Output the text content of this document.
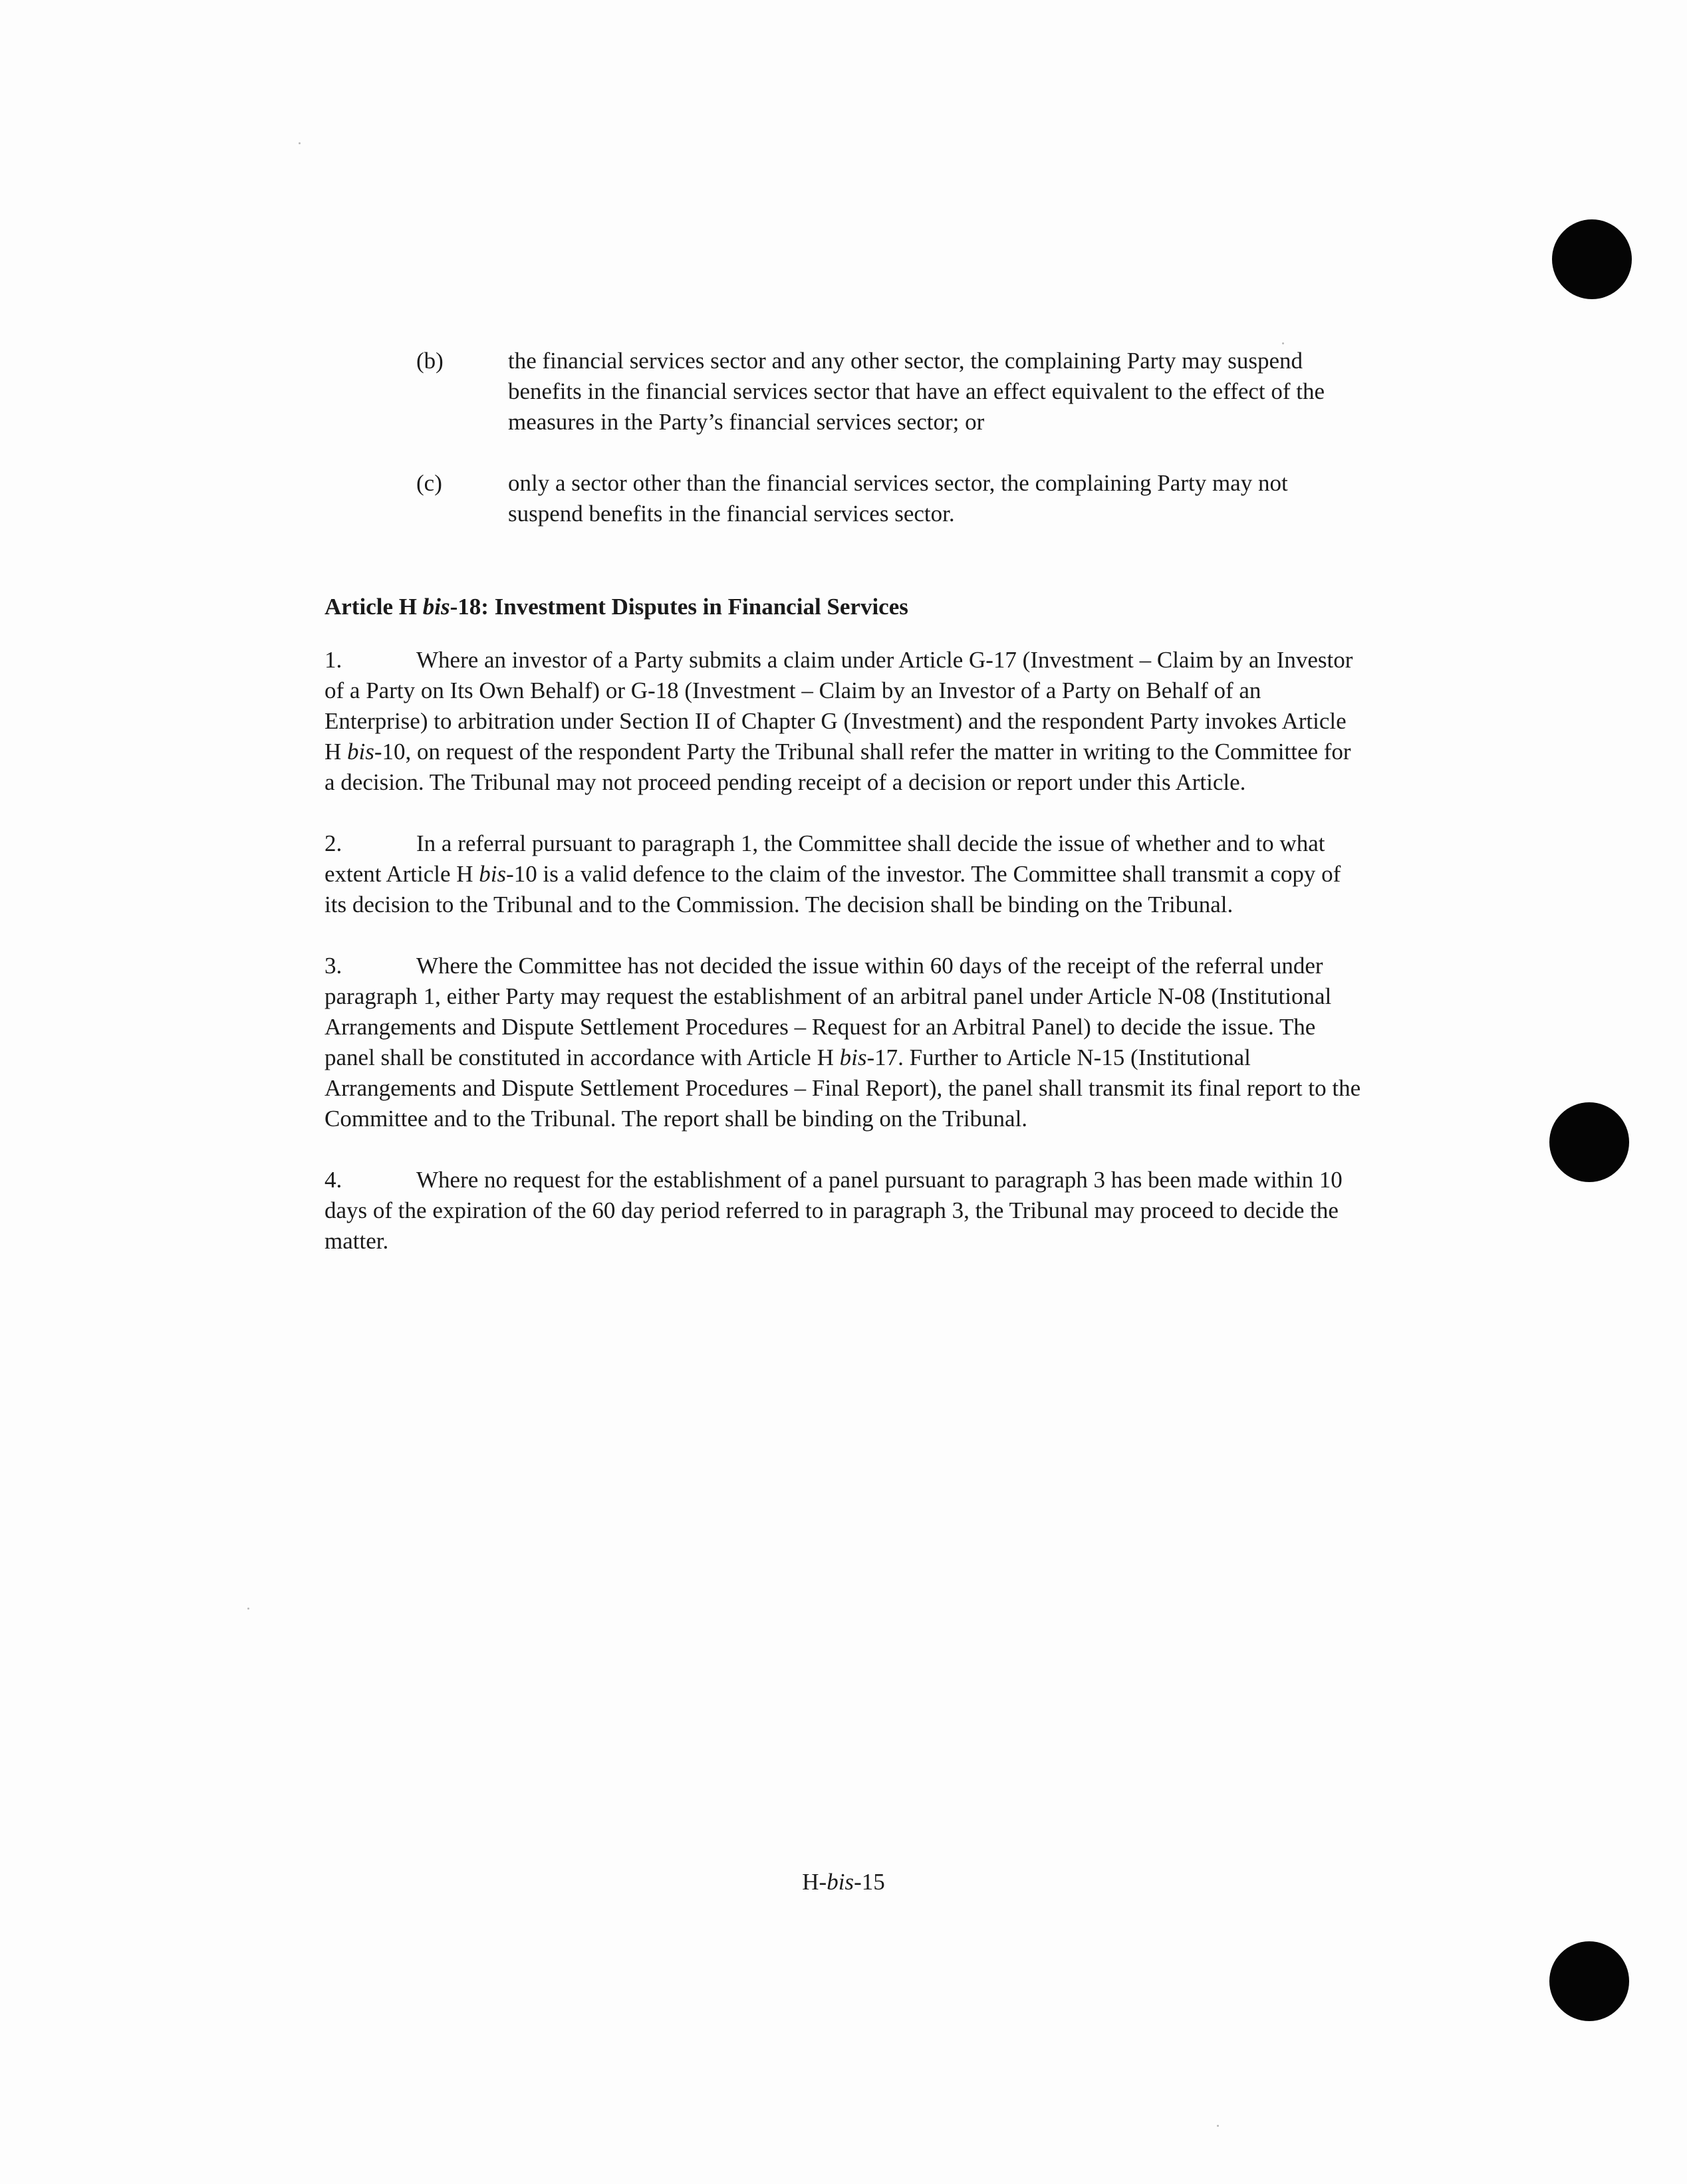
(b)	the financial services sector and any other sector, the complaining Party may suspend benefits in the financial services sector that have an effect equivalent to the effect of the measures in the Party’s financial services sector; or
(c)	only a sector other than the financial services sector, the complaining Party may not suspend benefits in the financial services sector.
Article H bis-18: Investment Disputes in Financial Services
1.	Where an investor of a Party submits a claim under Article G-17 (Investment – Claim by an Investor of a Party on Its Own Behalf) or G-18 (Investment – Claim by an Investor of a Party on Behalf of an Enterprise) to arbitration under Section II of Chapter G (Investment) and the respondent Party invokes Article H bis-10, on request of the respondent Party the Tribunal shall refer the matter in writing to the Committee for a decision. The Tribunal may not proceed pending receipt of a decision or report under this Article.
2.	In a referral pursuant to paragraph 1, the Committee shall decide the issue of whether and to what extent Article H bis-10 is a valid defence to the claim of the investor. The Committee shall transmit a copy of its decision to the Tribunal and to the Commission. The decision shall be binding on the Tribunal.
3.	Where the Committee has not decided the issue within 60 days of the receipt of the referral under paragraph 1, either Party may request the establishment of an arbitral panel under Article N-08 (Institutional Arrangements and Dispute Settlement Procedures – Request for an Arbitral Panel) to decide the issue. The panel shall be constituted in accordance with Article H bis-17. Further to Article N-15 (Institutional Arrangements and Dispute Settlement Procedures – Final Report), the panel shall transmit its final report to the Committee and to the Tribunal. The report shall be binding on the Tribunal.
4.	Where no request for the establishment of a panel pursuant to paragraph 3 has been made within 10 days of the expiration of the 60 day period referred to in paragraph 3, the Tribunal may proceed to decide the matter.
H-bis-15
